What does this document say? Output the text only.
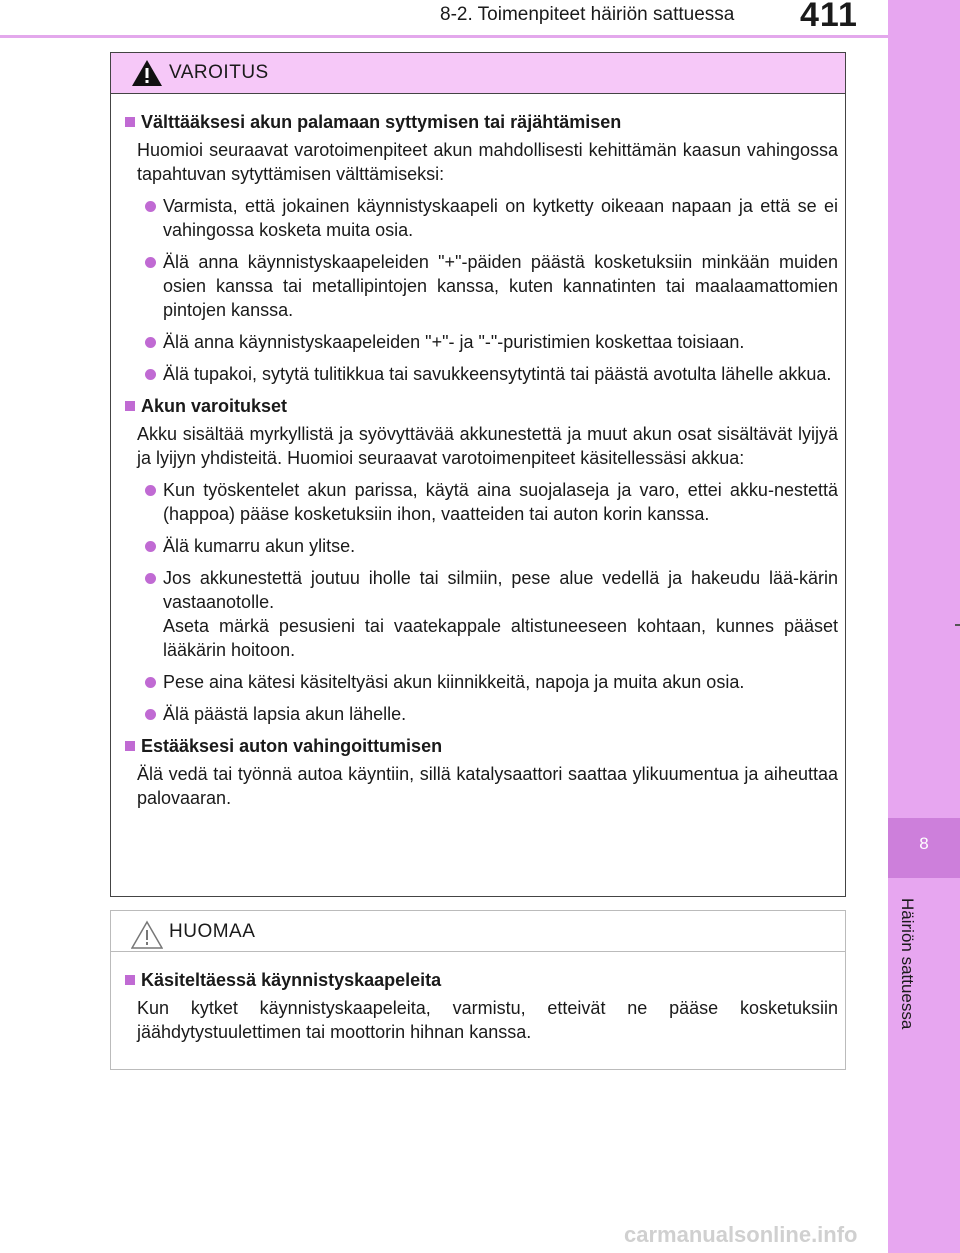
8-2. Toimenpiteet häiriön sattuessa 411
8
Häiriön sattuessa
VAROITUS
Välttääksesi akun palamaan syttymisen tai räjähtämisen
Huomioi seuraavat varotoimenpiteet akun mahdollisesti kehittämän kaasun vahingossa tapahtuvan sytyttämisen välttämiseksi:
Varmista, että jokainen käynnistyskaapeli on kytketty oikeaan napaan ja että se ei vahingossa kosketa muita osia.
Älä anna käynnistyskaapeleiden "+"-päiden päästä kosketuksiin minkään muiden osien kanssa tai metallipintojen kanssa, kuten kannatinten tai maalaamattomien pintojen kanssa.
Älä anna käynnistyskaapeleiden "+"- ja "-"-puristimien koskettaa toisiaan.
Älä tupakoi, sytytä tulitikkua tai savukkeensytytintä tai päästä avotulta lähelle akkua.
Akun varoitukset
Akku sisältää myrkyllistä ja syövyttävää akkunestettä ja muut akun osat sisältävät lyijyä ja lyijyn yhdisteitä. Huomioi seuraavat varotoimenpiteet käsitellessäsi akkua:
Kun työskentelet akun parissa, käytä aina suojalaseja ja varo, ettei akku-nestettä (happoa) pääse kosketuksiin ihon, vaatteiden tai auton korin kanssa.
Älä kumarru akun ylitse.
Jos akkunestettä joutuu iholle tai silmiin, pese alue vedellä ja hakeudu lää-kärin vastaanotolle.
Aseta märkä pesusieni tai vaatekappale altistuneeseen kohtaan, kunnes pääset lääkärin hoitoon.
Pese aina kätesi käsiteltyäsi akun kiinnikkeitä, napoja ja muita akun osia.
Älä päästä lapsia akun lähelle.
Estääksesi auton vahingoittumisen
Älä vedä tai työnnä autoa käyntiin, sillä katalysaattori saattaa ylikuumentua ja aiheuttaa palovaaran.
HUOMAA
Käsiteltäessä käynnistyskaapeleita
Kun kytket käynnistyskaapeleita, varmistu, etteivät ne pääse kosketuksiin jäähdytystuulettimen tai moottorin hihnan kanssa.
carmanualsonline.info
